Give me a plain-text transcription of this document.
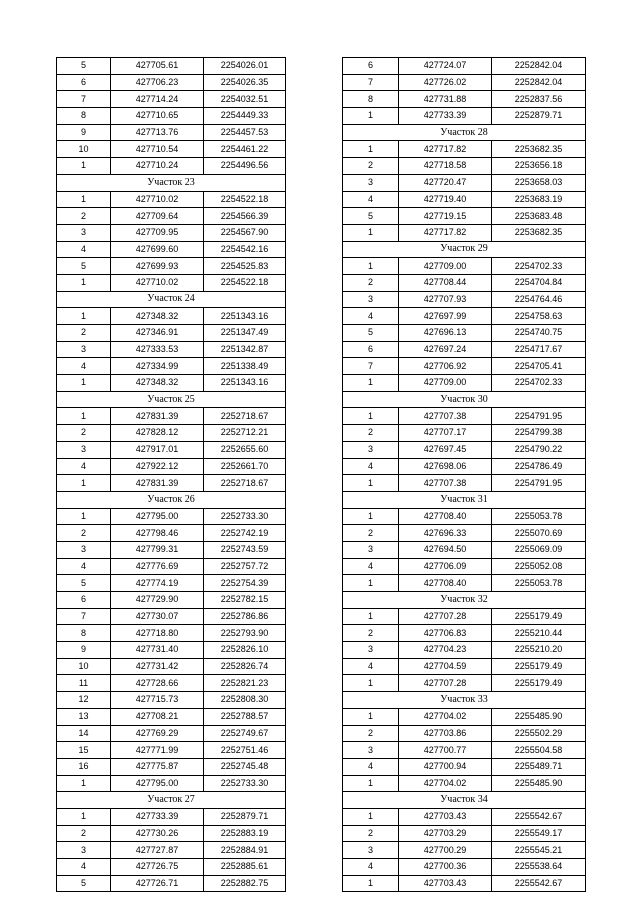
5	427705.61	2254026.01
6	427706.23	2254026.35
7	427714.24	2254032.51
8	427710.65	2254449.33
9	427713.76	2254457.53
10	427710.54	2254461.22
1	427710.24	2254496.56
Участок 23		
1	427710.02	2254522.18
2	427709.64	2254566.39
3	427709.95	2254567.90
4	427699.60	2254542.16
5	427699.93	2254525.83
1	427710.02	2254522.18
Участок 24		
1	427348.32	2251343.16
2	427346.91	2251347.49
3	427333.53	2251342.87
4	427334.99	2251338.49
1	427348.32	2251343.16
Участок 25		
1	427831.39	2252718.67
2	427828.12	2252712.21
3	427917.01	2252655.60
4	427922.12	2252661.70
1	427831.39	2252718.67
Участок 26		
1	427795.00	2252733.30
2	427798.46	2252742.19
3	427799.31	2252743.59
4	427776.69	2252757.72
5	427774.19	2252754.39
6	427729.90	2252782.15
7	427730.07	2252786.86
8	427718.80	2252793.90
9	427731.40	2252826.10
10	427731.42	2252826.74
11	427728.66	2252821.23
12	427715.73	2252808.30
13	427708.21	2252788.57
14	427769.29	2252749.67
15	427771.99	2252751.46
16	427775.87	2252745.48
1	427795.00	2252733.30
Участок 27		
1	427733.39	2252879.71
2	427730.26	2252883.19
3	427727.87	2252884.91
4	427726.75	2252885.61
5	427726.71	2252882.75
6	427724.07	2252842.04
7	427726.02	2252842.04
8	427731.88	2252837.56
1	427733.39	2252879.71
Участок 28		
1	427717.82	2253682.35
2	427718.58	2253656.18
3	427720.47	2253658.03
4	427719.40	2253683.19
5	427719.15	2253683.48
1	427717.82	2253682.35
Участок 29		
1	427709.00	2254702.33
2	427708.44	2254704.84
3	427707.93	2254764.46
4	427697.99	2254758.63
5	427696.13	2254740.75
6	427697.24	2254717.67
7	427706.92	2254705.41
1	427709.00	2254702.33
Участок 30		
1	427707.38	2254791.95
2	427707.17	2254799.38
3	427697.45	2254790.22
4	427698.06	2254786.49
1	427707.38	2254791.95
Участок 31		
1	427708.40	2255053.78
2	427696.33	2255070.69
3	427694.50	2255069.09
4	427706.09	2255052.08
1	427708.40	2255053.78
Участок 32		
1	427707.28	2255179.49
2	427706.83	2255210.44
3	427704.23	2255210.20
4	427704.59	2255179.49
1	427707.28	2255179.49
Участок 33		
1	427704.02	2255485.90
2	427703.86	2255502.29
3	427700.77	2255504.58
4	427700.94	2255489.71
1	427704.02	2255485.90
Участок 34		
1	427703.43	2255542.67
2	427703.29	2255549.17
3	427700.29	2255545.21
4	427700.36	2255538.64
1	427703.43	2255542.67
